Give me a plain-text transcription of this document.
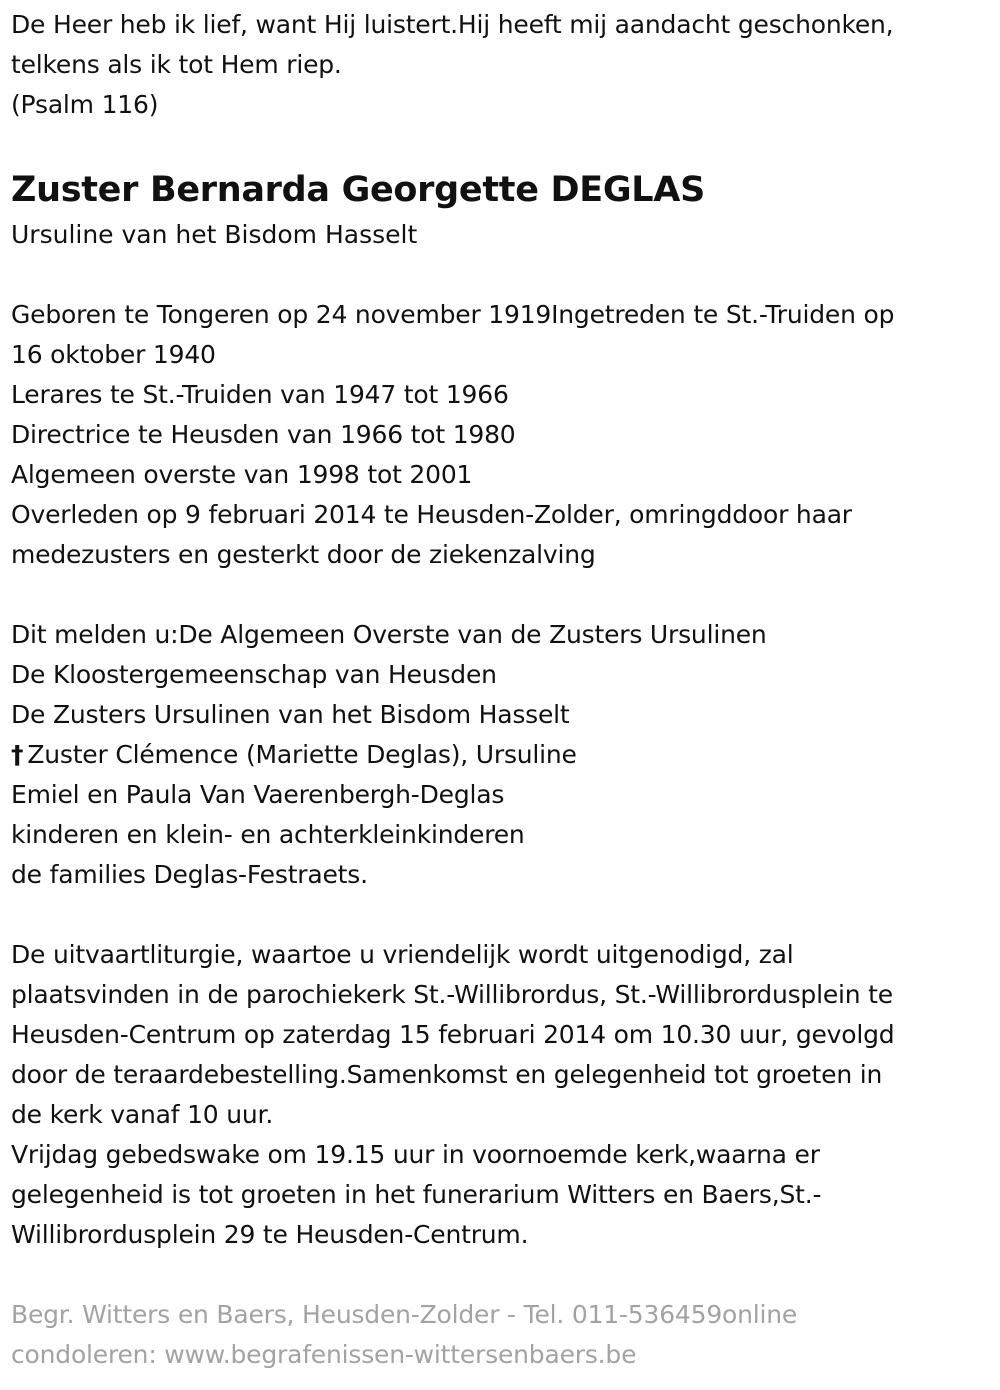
De Heer heb ik lief, want Hij luistert.Hij heeft mij aandacht geschonken,
telkens als ik tot Hem riep.
(Psalm 116)
Zuster Bernarda Georgette DEGLAS
Ursuline van het Bisdom Hasselt
Geboren te Tongeren op 24 november 1919Ingetreden te St.-Truiden op
16 oktober 1940
Lerares te St.-Truiden van 1947 tot 1966
Directrice te Heusden van 1966 tot 1980
Algemeen overste van 1998 tot 2001
Overleden op 9 februari 2014 te Heusden-Zolder, omringddoor haar
medezusters en gesterkt door de ziekenzalving
Dit melden u:De Algemeen Overste van de Zusters Ursulinen
De Kloostergemeenschap van Heusden
De Zusters Ursulinen van het Bisdom Hasselt
† Zuster Clémence (Mariette Deglas), Ursuline
Emiel en Paula Van Vaerenbergh-Deglas
kinderen en klein- en achterkleinkinderen
de families Deglas-Festraets.
De uitvaartliturgie, waartoe u vriendelijk wordt uitgenodigd, zal
plaatsvinden in de parochiekerk St.-Willibrordus, St.-Willibrordusplein te
Heusden-Centrum op zaterdag 15 februari 2014 om 10.30 uur, gevolgd
door de teraardebestelling.Samenkomst en gelegenheid tot groeten in
de kerk vanaf 10 uur.
Vrijdag gebedswake om 19.15 uur in voornoemde kerk,waarna er
gelegenheid is tot groeten in het funerarium Witters en Baers,St.-
Willibrordusplein 29 te Heusden-Centrum.
Begr. Witters en Baers, Heusden-Zolder - Tel. 011-536459online
condoleren: www.begrafenissen-wittersenbaers.be
